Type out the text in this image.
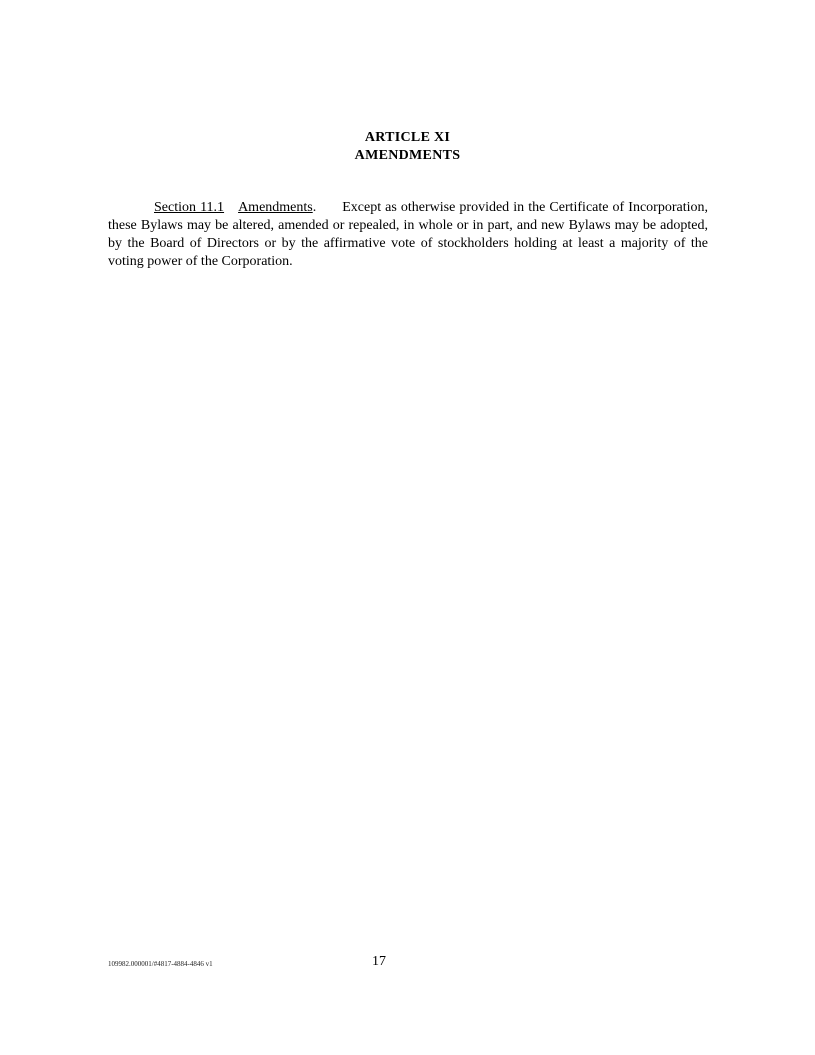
ARTICLE XI
AMENDMENTS

Section 11.1 Amendments. Except as otherwise provided in the Certificate of Incorporation, these Bylaws may be altered, amended or repealed, in whole or in part, and new Bylaws may be adopted, by the Board of Directors or by the affirmative vote of stockholders holding at least a majority of the voting power of the Corporation.

109982.000001/#4817-4884-4846 v1	17
